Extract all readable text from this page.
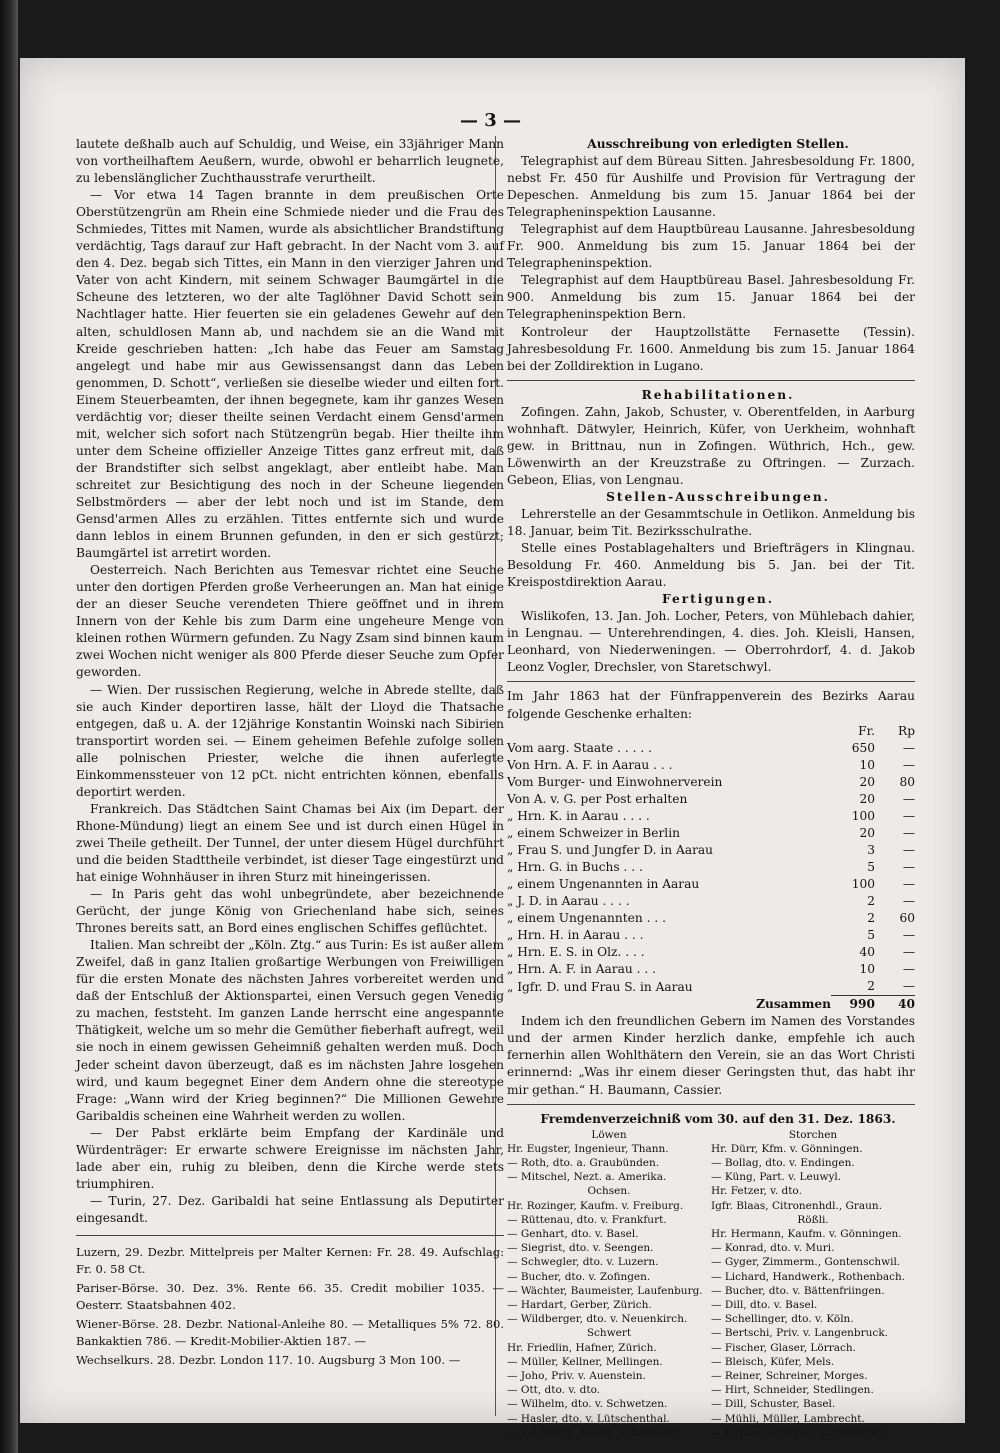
— 3 —

lautete deßhalb auch auf Schuldig, und Weise, ein 33jähriger Mann von vortheilhaftem Aeußern, wurde, obwohl er beharrlich leugnete, zu lebenslänglicher Zuchthausstrafe verurtheilt.

— Vor etwa 14 Tagen brannte in dem preußischen Orte Oberstützengrün am Rhein eine Schmiede nieder und die Frau des Schmiedes, Tittes mit Namen, wurde als absichtlicher Brandstiftung verdächtig, Tags darauf zur Haft gebracht. In der Nacht vom 3. auf den 4. Dez. begab sich Tittes, ein Mann in den vierziger Jahren und Vater von acht Kindern, mit seinem Schwager Baumgärtel in die Scheune des letzteren, wo der alte Taglöhner David Schott sein Nachtlager hatte. Hier feuerten sie ein geladenes Gewehr auf den alten, schuldlosen Mann ab, und nachdem sie an die Wand mit Kreide geschrieben hatten: „Ich habe das Feuer am Samstag angelegt und habe mir aus Gewissensangst dann das Leben genommen, D. Schott“, verließen sie dieselbe wieder und eilten fort. Einem Steuerbeamten, der ihnen begegnete, kam ihr ganzes Wesen verdächtig vor; dieser theilte seinen Verdacht einem Gensd'armen mit, welcher sich sofort nach Stützengrün begab. Hier theilte ihm unter dem Scheine offizieller Anzeige Tittes ganz erfreut mit, daß der Brandstifter sich selbst angeklagt, aber entleibt habe. Man schreitet zur Besichtigung des noch in der Scheune liegenden Selbstmörders — aber der lebt noch und ist im Stande, dem Gensd'armen Alles zu erzählen. Tittes entfernte sich und wurde dann leblos in einem Brunnen gefunden, in den er sich gestürzt; Baumgärtel ist arretirt worden.

Oesterreich. Nach Berichten aus Temesvar richtet eine Seuche unter den dortigen Pferden große Verheerungen an. Man hat einige der an dieser Seuche verendeten Thiere geöffnet und in ihrem Innern von der Kehle bis zum Darm eine ungeheure Menge von kleinen rothen Würmern gefunden. Zu Nagy Zsam sind binnen kaum zwei Wochen nicht weniger als 800 Pferde dieser Seuche zum Opfer geworden.

— Wien. Der russischen Regierung, welche in Abrede stellte, daß sie auch Kinder deportiren lasse, hält der Lloyd die Thatsache entgegen, daß u. A. der 12jährige Konstantin Woinski nach Sibirien transportirt worden sei. — Einem geheimen Befehle zufolge sollen alle polnischen Priester, welche die ihnen auferlegte Einkommenssteuer von 12 pCt. nicht entrichten können, ebenfalls deportirt werden.

Frankreich. Das Städtchen Saint Chamas bei Aix (im Depart. der Rhone-Mündung) liegt an einem See und ist durch einen Hügel in zwei Theile getheilt. Der Tunnel, der unter diesem Hügel durchführt und die beiden Stadttheile verbindet, ist dieser Tage eingestürzt und hat einige Wohnhäuser in ihren Sturz mit hineingerissen.

— In Paris geht das wohl unbegründete, aber bezeichnende Gerücht, der junge König von Griechenland habe sich, seines Thrones bereits satt, an Bord eines englischen Schiffes geflüchtet.

Italien. Man schreibt der „Köln. Ztg.“ aus Turin: Es ist außer allem Zweifel, daß in ganz Italien großartige Werbungen von Freiwilligen für die ersten Monate des nächsten Jahres vorbereitet werden und daß der Entschluß der Aktionspartei, einen Versuch gegen Venedig zu machen, feststeht. Im ganzen Lande herrscht eine angespannte Thätigkeit, welche um so mehr die Gemüther fieberhaft aufregt, weil sie noch in einem gewissen Geheimniß gehalten werden muß. Doch Jeder scheint davon überzeugt, daß es im nächsten Jahre losgehen wird, und kaum begegnet Einer dem Andern ohne die stereotype Frage: „Wann wird der Krieg beginnen?“ Die Millionen Gewehre Garibaldis scheinen eine Wahrheit werden zu wollen.

— Der Pabst erklärte beim Empfang der Kardinäle und Würdenträger: Er erwarte schwere Ereignisse im nächsten Jahr, lade aber ein, ruhig zu bleiben, denn die Kirche werde stets triumphiren.

— Turin, 27. Dez. Garibaldi hat seine Entlassung als Deputirter eingesandt.

Luzern, 29. Dezbr. Mittelpreis per Malter Kernen: Fr. 28. 49. Aufschlag: Fr. 0. 58 Ct.

Pariser-Börse. 30. Dez. 3%. Rente 66. 35. Credit mobilier 1035. — Oesterr. Staatsbahnen 402.

Wiener-Börse. 28. Dezbr. National-Anleihe 80. — Metalliques 5% 72. 80. Bankaktien 786. — Kredit-Mobilier-Aktien 187. —

Wechselkurs. 28. Dezbr. London 117. 10. Augsburg 3 Mon 100. —

Ausschreibung von erledigten Stellen.

Telegraphist auf dem Büreau Sitten. Jahresbesoldung Fr. 1800, nebst Fr. 450 für Aushilfe und Provision für Vertragung der Depeschen. Anmeldung bis zum 15. Januar 1864 bei der Telegrapheninspektion Lausanne.

Telegraphist auf dem Hauptbüreau Lausanne. Jahresbesoldung Fr. 900. Anmeldung bis zum 15. Januar 1864 bei der Telegrapheninspektion.

Telegraphist auf dem Hauptbüreau Basel. Jahresbesoldung Fr. 900. Anmeldung bis zum 15. Januar 1864 bei der Telegrapheninspektion Bern.

Kontroleur der Hauptzollstätte Fernasette (Tessin). Jahresbesoldung Fr. 1600. Anmeldung bis zum 15. Januar 1864 bei der Zolldirektion in Lugano.

Rehabilitationen.

Zofingen. Zahn, Jakob, Schuster, v. Oberentfelden, in Aarburg wohnhaft. Dätwyler, Heinrich, Küfer, von Uerkheim, wohnhaft gew. in Brittnau, nun in Zofingen. Wüthrich, Hch., gew. Löwenwirth an der Kreuzstraße zu Oftringen. — Zurzach. Gebeon, Elias, von Lengnau.

Stellen-Ausschreibungen.

Lehrerstelle an der Gesammtschule in Oetlikon. Anmeldung bis 18. Januar, beim Tit. Bezirksschulrathe.

Stelle eines Postablagehalters und Briefträgers in Klingnau. Besoldung Fr. 460. Anmeldung bis 5. Jan. bei der Tit. Kreispostdirektion Aarau.

Fertigungen.

Wislikofen, 13. Jan. Joh. Locher, Peters, von Mühlebach dahier, in Lengnau. — Unterehrendingen, 4. dies. Joh. Kleisli, Hansen, Leonhard, von Niederweningen. — Oberrohrdorf, 4. d. Jakob Leonz Vogler, Drechsler, von Staretschwyl.

Im Jahr 1863 hat der Fünfrappenverein des Bezirks Aarau folgende Geschenke erhalten:

	Fr.	Rp
Vom aarg. Staate . . . . .	650	—
Von Hrn. A. F. in Aarau . . .	10	—
Vom Burger- und Einwohnerverein	20	80
Von A. v. G. per Post erhalten	20	—
„ Hrn. K. in Aarau . . . .	100	—
„ einem Schweizer in Berlin	20	—
„ Frau S. und Jungfer D. in Aarau	3	—
„ Hrn. G. in Buchs . . .	5	—
„ einem Ungenannten in Aarau	100	—
„ J. D. in Aarau . . . .	2	—
„ einem Ungenannten . . .	2	60
„ Hrn. H. in Aarau . . .	5	—
„ Hrn. E. S. in Olz. . . .	40	—
„ Hrn. A. F. in Aarau . . .	10	—
„ Igfr. D. und Frau S. in Aarau	2	—
Zusammen	990	40

Indem ich den freundlichen Gebern im Namen des Vorstandes und der armen Kinder herzlich danke, empfehle ich auch fernerhin allen Wohlthätern den Verein, sie an das Wort Christi erinnernd: „Was ihr einem dieser Geringsten thut, das habt ihr mir gethan.“ H. Baumann, Cassier.

Fremdenverzeichniß vom 30. auf den 31. Dez. 1863.

Löwen
Hr. Eugster, Ingenieur, Thann.
— Roth, dto. a. Graubünden.
— Mitschel, Nezt. a. Amerika.
Ochsen.
Hr. Rozinger, Kaufm. v. Freiburg.
— Rüttenau, dto. v. Frankfurt.
— Genhart, dto. v. Basel.
— Siegrist, dto. v. Seengen.
— Schwegler, dto. v. Luzern.
— Bucher, dto. v. Zofingen.
— Wächter, Baumeister, Laufenburg.
— Hardart, Gerber, Zürich.
— Wildberger, dto. v. Neuenkirch.
Schwert
Hr. Friedlin, Hafner, Zürich.
— Müller, Kellner, Mellingen.
— Joho, Priv. v. Auenstein.
— Ott, dto. v. dto.
— Wilhelm, dto. v. Schwetzen.
— Hasler, dto. v. Lütschenthal.
— Feldmann, Maler, Schwanden.
Storchen
Hr. Dürr, Kfm. v. Gönningen.
— Bollag, dto. v. Endingen.
— Küng, Part. v. Leuwyl.
Hr. Fetzer, v. dto.
Igfr. Blaas, Citronenhdl., Graun.
Rößli.
Hr. Hermann, Kaufm. v. Gönningen.
— Konrad, dto. v. Muri.
— Gyger, Zimmerm., Gontenschwil.
— Lichard, Handwerk., Rothenbach.
— Bucher, dto. v. Bättenfriingen.
— Dill, dto. v. Basel.
— Schellinger, dto. v. Köln.
— Bertschi, Priv. v. Langenbruck.
— Fischer, Glaser, Lörrach.
— Bleisch, Küfer, Mels.
— Reiner, Schreiner, Morges.
— Hirt, Schneider, Stedlingen.
— Dill, Schuster, Basel.
— Mühli, Müller, Lambrecht.
— Kupfer, Schuster, Gretzenbach.
